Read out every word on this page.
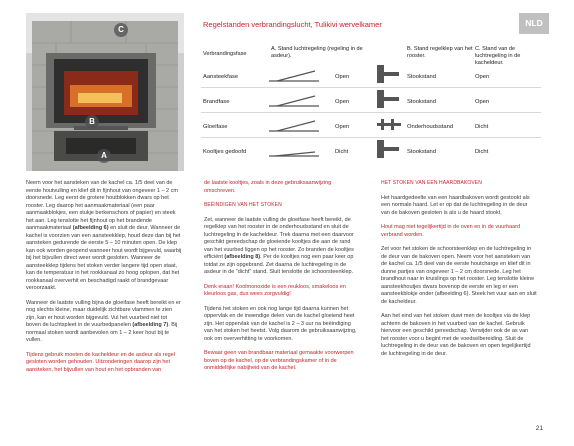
C
B
A
Regelstanden verbrandingslucht, Tulikivi wervelkamer	NLD
Verbrandingsfase
A. Stand luchtregeling (regeling in de asdeur).
B. Stand regelklep van het rooster.
C. Stand van de luchtregeling in de kacheldeur.
Aansteekfase	Open	Stookstand	Open
Brandfase	Open	Stookstand	Open
Gloeifase	Open	Onderhoudsstand	Dicht
Kooltjes gedoofd	Dicht	Stookstand	Dicht

Neem voor het aansteken van de kachel ca. 1/5 deel van de eerste houtvulling en klief dit in fijnhout van ongeveer 1 – 2 cm doorsnede. Leg eerst de grotere houtblokken dwars op het rooster. Leg daarop het aanmaakmateriaal (een paar aanmaakblokjes, een stukje berkenschors of papier) en steek het aan. Leg tenslotte het fijnhout op het brandende aanmaakmateriaal (afbeelding 6) en sluit de deur. Wanneer de kachel is voorzien van een aansteekklep, houd deze dan bij het aansteken gedurende de eerste 5 – 10 minuten open. De klep kan ook worden geopend wanneer hout wordt bijgevuld, waarbij bij het bijvullen direct weer wordt gesloten. Wanneer de aansteekklep tijdens het stoken verder langere tijd open staat, kan de temperatuur in het rookkanaal zo hoog oplopen, dat het rookkanaal oververhit en beschadigd raakt of brandgevaar veroorzaakt.

Wanneer de laatste vulling bijna de gloeifase heeft bereikt en er nog slechts kleine, maar duidelijk zichtbare vlammen te zien zijn, kan er hout worden bijgevuld. Vul het vuurbed niet tot boven de luchtspleet in de vuurbedpanelen (afbeelding 7). Bij normaal stoken wordt aanbevolen om 1 – 2 keer hout bij te vullen.

Tijdens gebruik moeten de kacheldeur en de asdeur als regel gesloten worden gehouden. Uitzonderingen daarop zijn het aansteken, het bijvullen van hout en het opbranden van

de laatste kooltjes, zoals in deze gebruiksaanwijzing omschreven.

BEËINDIGEN VAN HET STOKEN

Zet, wanneer de laatste vulling de gloeifase heeft bereikt, de regelklep van het rooster in de onderhoudsstand en sluit de luchtregeling in de kacheldeur. Trek daarna met een daarvoor geschikt gereedschap de gloeiende kooltjes die aan de rand van het vuurbed liggen op het rooster. Zo branden de kooltjes efficiënt (afbeelding 8). Per de kooltjes nog een paar keer op totdat ze zijn opgebrand. Zet daarna de luchtregeling in de asdeur in de "dicht" stand. Sluit tenslotte de schoorsteenklep.

Denk eraan! Koolmonoxide is een reukloos, smakeloos en kleurloos gas, dus wees zorgvuldig!

Tijdens het stoken en ook nog lange tijd daarna kunnen het oppervlak en de inwendige delen van de kachel gloeiend heet zijn. Het oppervlak van de kachel is 2 – 3 uur na beëindiging van het stoken het heetst. Volg daarom de gebruiksaanwijzing, ook om oververhitting te voorkomen.

Bewaar geen van brandbaar materiaal gemaakte voorwerpen boven op de kachel, op de verbrandingskamer of in de onmiddellijke nabijheid van de kachel.

HET STOKEN VAN EEN HAARDBAKOVEN

Het haardgedeelte van een haardbakoven wordt gestookt als een normale haard. Let er op dat de luchtregeling in de deur van de bakoven gesloten is als u de haard stookt.

Hout mag niet tegelijkertijd in de oven en in de vuurhaard verbrand worden.

Zet voor het stoken de schoorsteenklep en de luchtregeling in de deur van de bakoven open. Neem voor het aansteken van de kachel ca. 1/5 deel van de eerste houtcharge en klief dit in dunne partjes van ongeveer 1 – 2 cm doorsnede. Leg het brandhout naar in kruislings op het rooster. Leg tenslotte kleine aansteekhoutjes dwars bovenop de eerste en leg er een aansteekblokje onder (afbeelding 6). Steek het vuur aan en sluit de kacheldeur.

Aan het eind van het stoken duwt men de kooltjes via de klep achterin de bakoven in het vuurbed van de kachel. Gebruik hiervoor een geschikt gereedschap. Verwijder ook de as van het rooster voor u begint met de voedselbereiding. Sluit de luchtregeling in de deur van de bakoven en open tegelijkertijd de luchtregeling in de deur.

21
